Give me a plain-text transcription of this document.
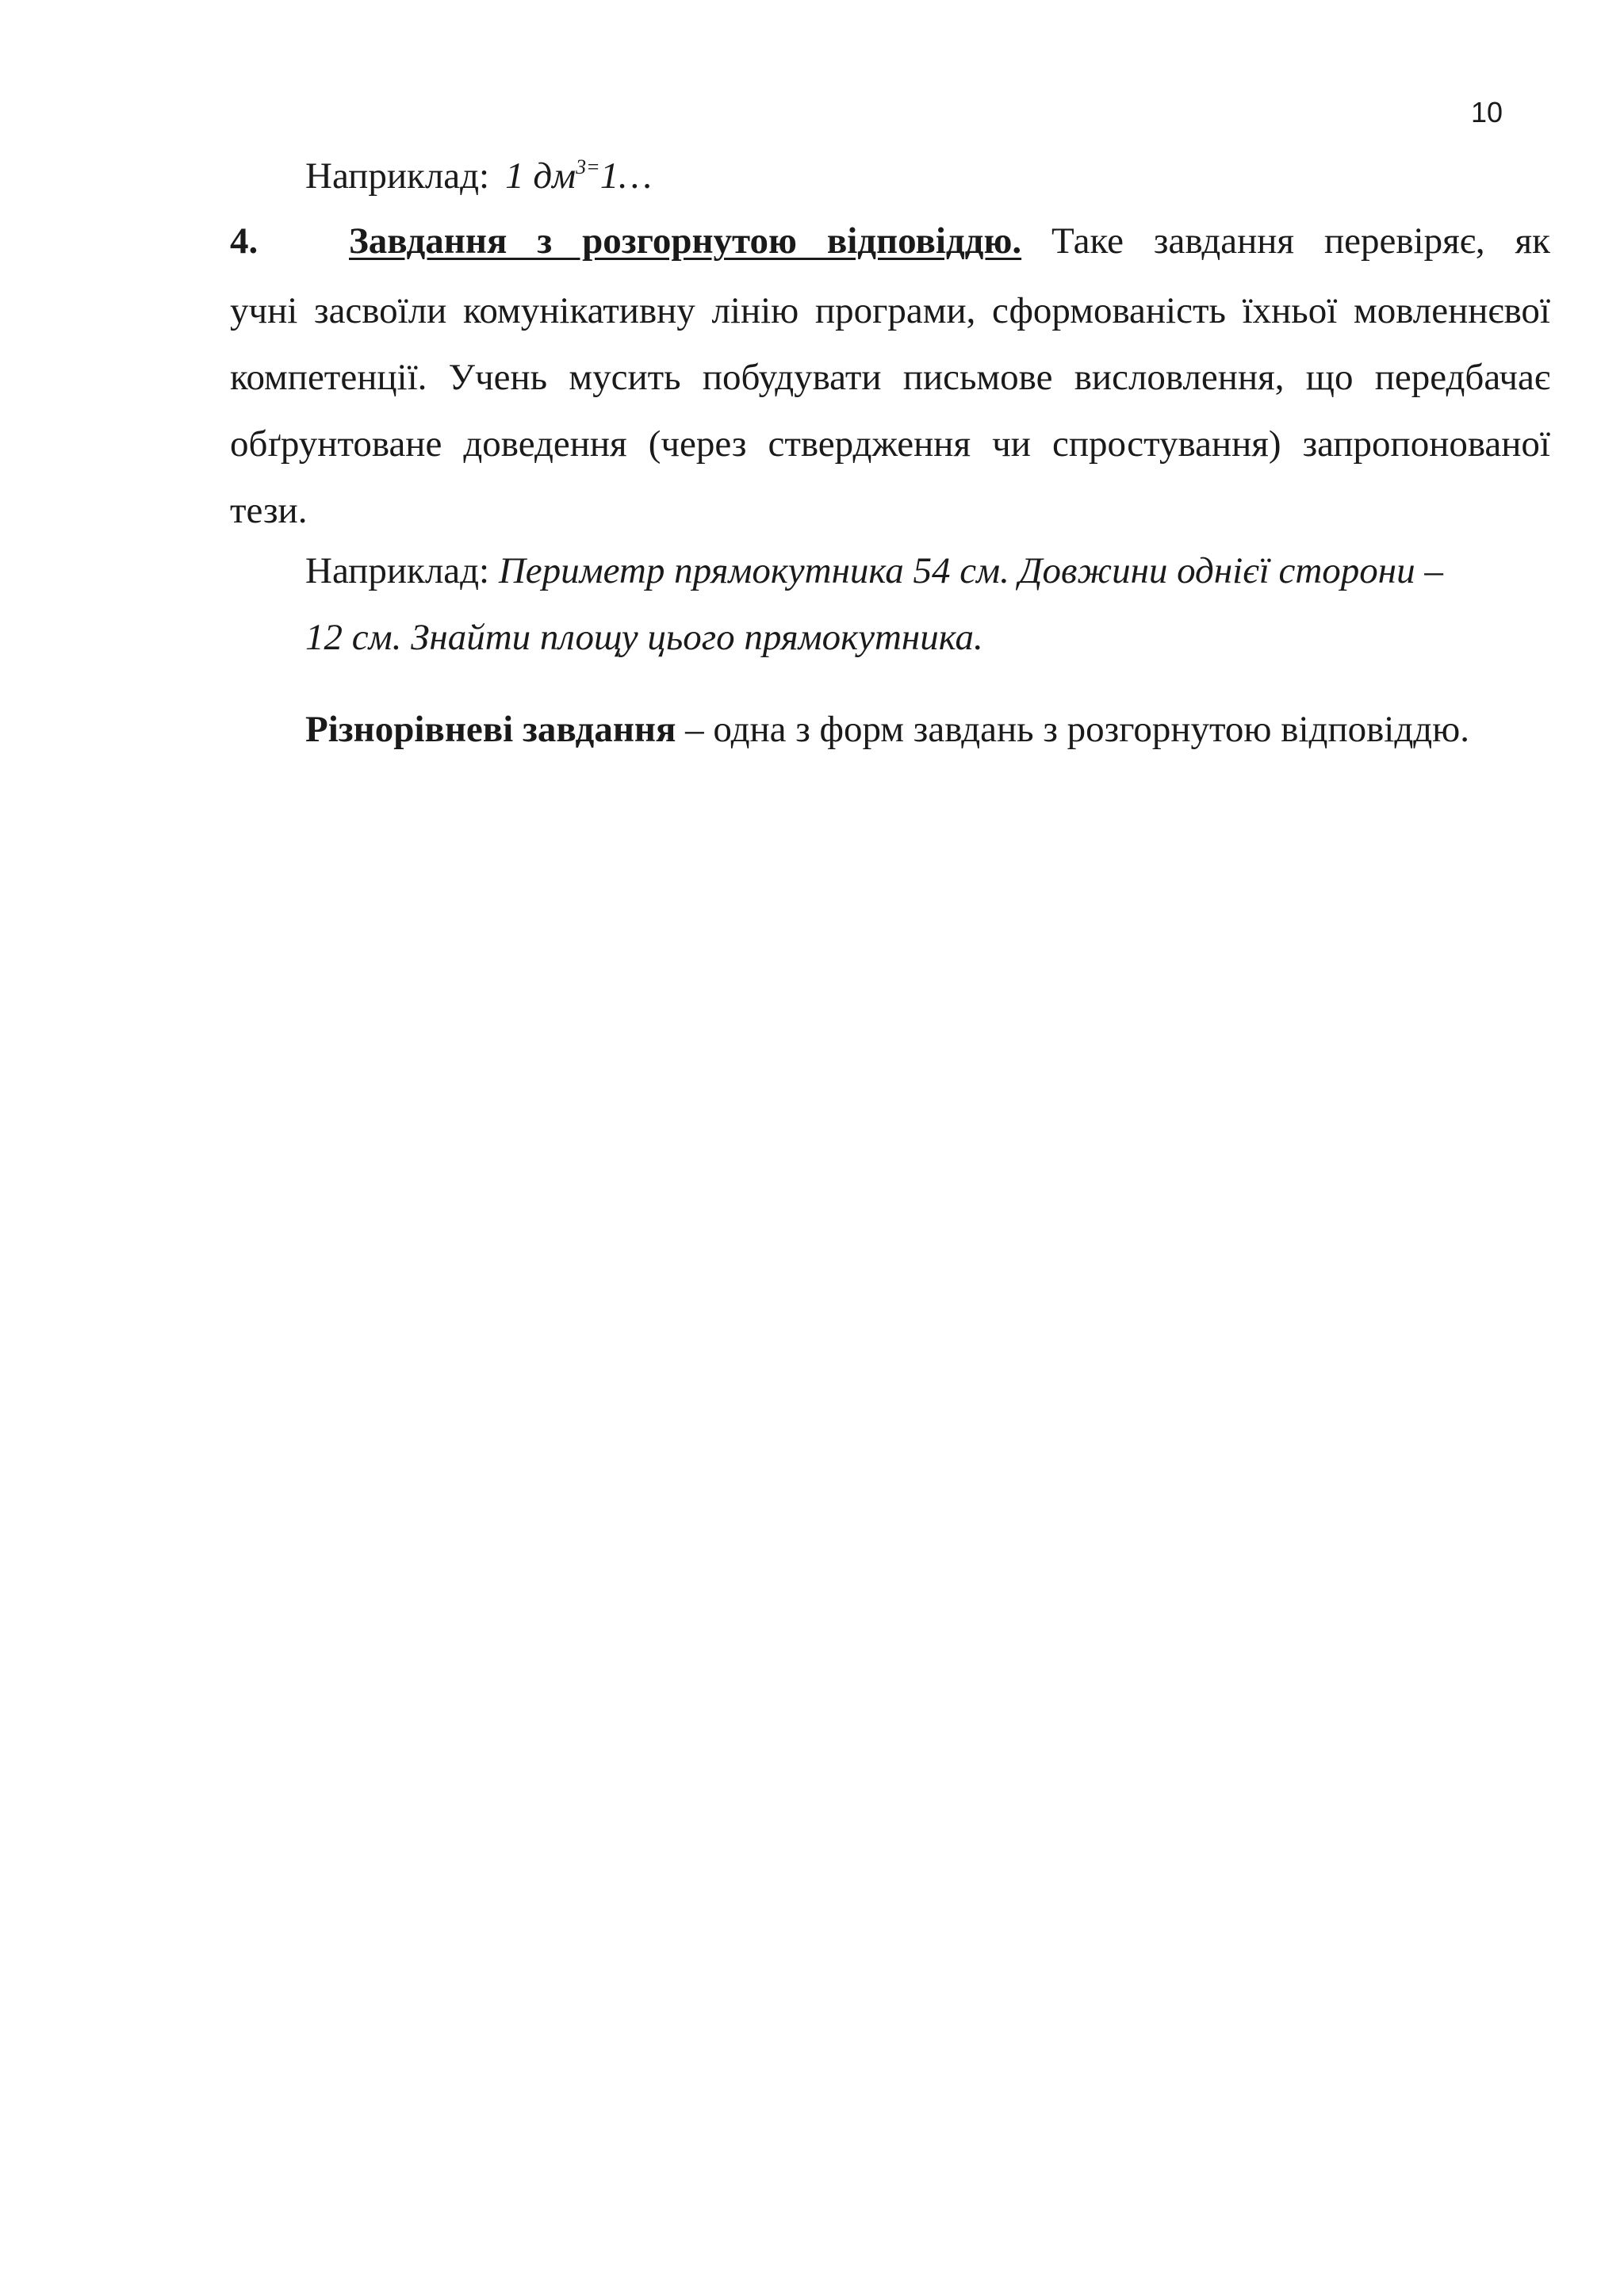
10
Наприклад: 1 $дм^{3=}1\dots$
4. Завдання з розгорнутою відповіддю. Таке завдання перевіряє, як
учні засвоїли комунікативну лінію програми, сформованість їхньої мовленнєвої
компетенції. Учень мусить побудувати письмове висловлення, що передбачає
обґрунтоване доведення (через ствердження чи спростування) запропонованої
тези.
Наприклад: Периметр прямокутника 54 см. Довжини однієї сторони –
12 см. Знайти площу цього прямокутника.
Різнорівневі завдання – одна з форм завдань з розгорнутою відповіддю.
